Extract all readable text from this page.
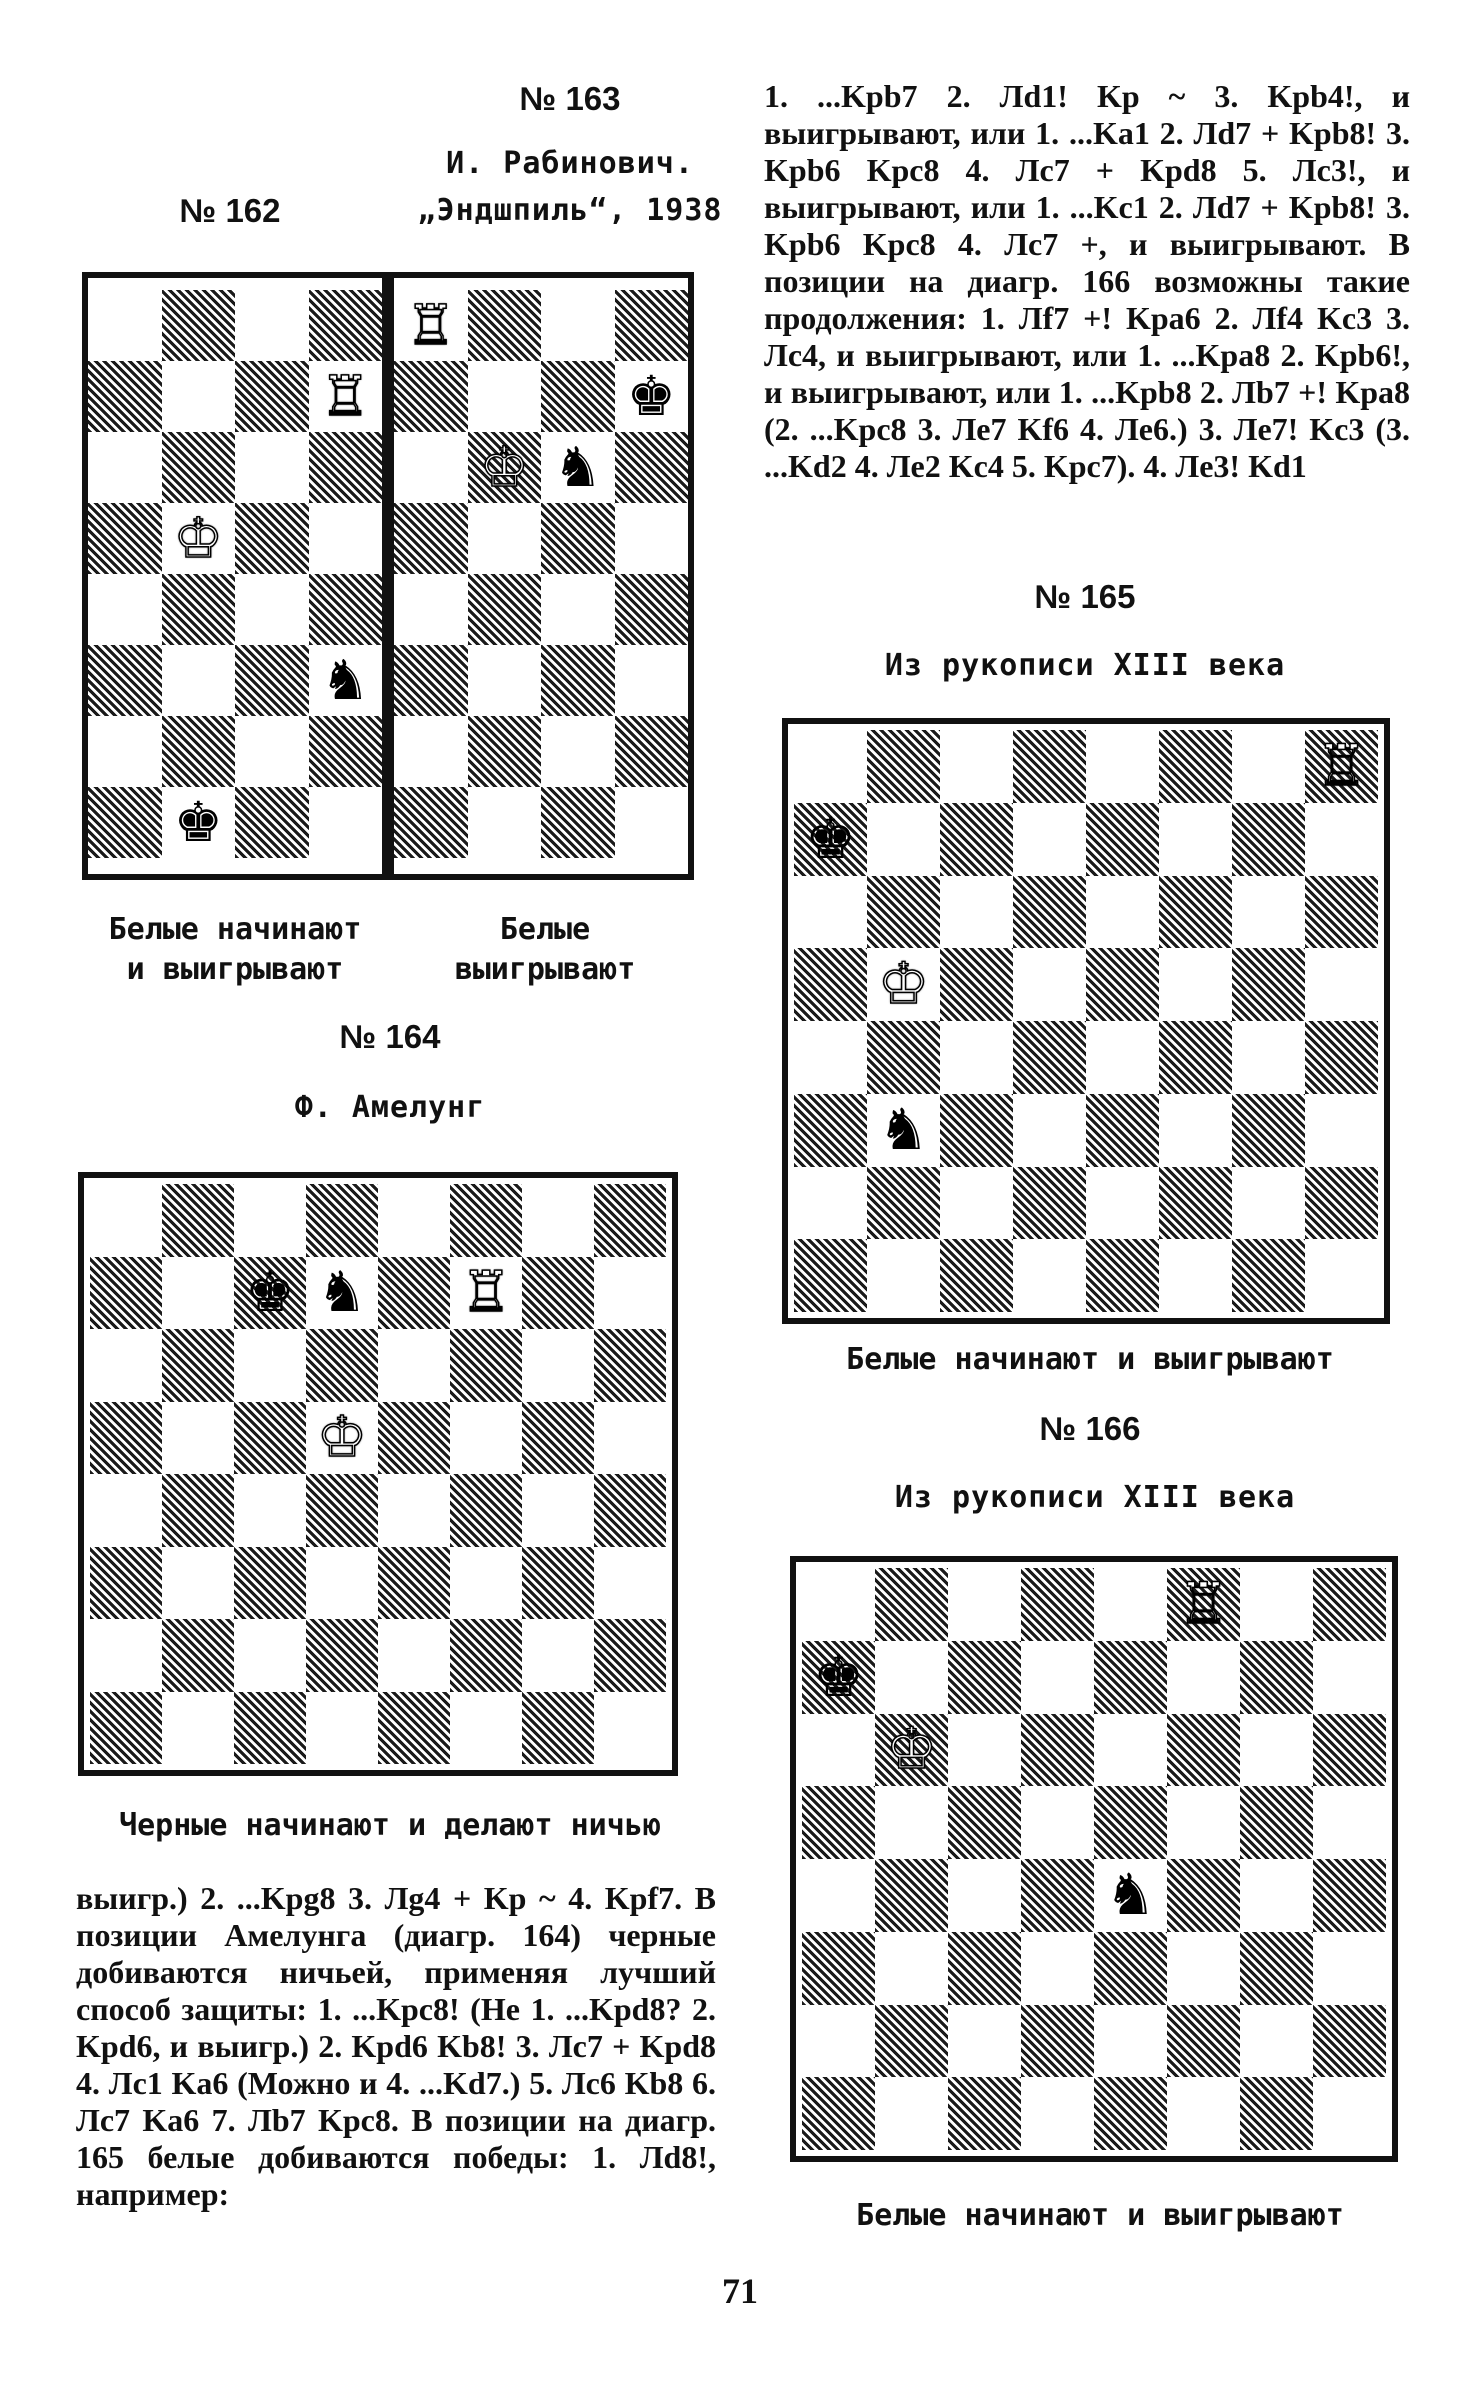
№ 163
№ 162
И. Рабинович.
„Эндшпиль“, 1938
♖
♔
♞
♚
♖
♚
♔ ♞
Белые начинают
и выигрывают
Белые
выигрывают
№ 164
Ф. Амелунг
♚ ♞ ♖
♔
Черные начинают и делают ничью

выигр.) 2. ...Kpg8 3. Лg4 + Kp ~ 4. Kpf7. В позиции Амелунга (диагр. 164) черные добиваются ничьей, применяя лучший способ защиты: 1. ...Kpc8! (Не 1. ...Kpd8? 2. Kpd6, и выигр.) 2. Kpd6 Kb8! 3. Лc7 + Kpd8 4. Лc1 Ka6 (Можно и 4. ...Kd7.) 5. Лc6 Kb8 6. Лc7 Ka6 7. Лb7 Kpc8. В позиции на диагр. 165 белые добиваются победы: 1. Лd8!, например:

1. ...Kpb7 2. Лd1! Kp ~ 3. Kpb4!, и выигрывают, или 1. ...Ka1 2. Лd7 + Kpb8! 3. Kpb6 Kpc8 4. Лc7 + Kpd8 5. Лc3!, и выигрывают, или 1. ...Kc1 2. Лd7 + Kpb8! 3. Kpb6 Kpc8 4. Лc7 +, и выигрывают. В позиции на диагр. 166 возможны такие продолжения: 1. Лf7 +! Kpa6 2. Лf4 Kc3 3. Лc4, и выигрывают, или 1. ...Kpa8 2. Kpb6!, и выигрывают, или 1. ...Kpb8 2. Лb7 +! Kpa8 (2. ...Kpc8 3. Лe7 Kf6 4. Лe6.) 3. Лe7! Kc3 (3. ...Kd2 4. Лe2 Kc4 5. Kpc7). 4. Лe3! Kd1

№ 165
Из рукописи XIII века
♖
♚
♔
♞
Белые начинают и выигрывают
№ 166
Из рукописи XIII века
♖
♚
♔
♞
Белые начинают и выигрывают
71
